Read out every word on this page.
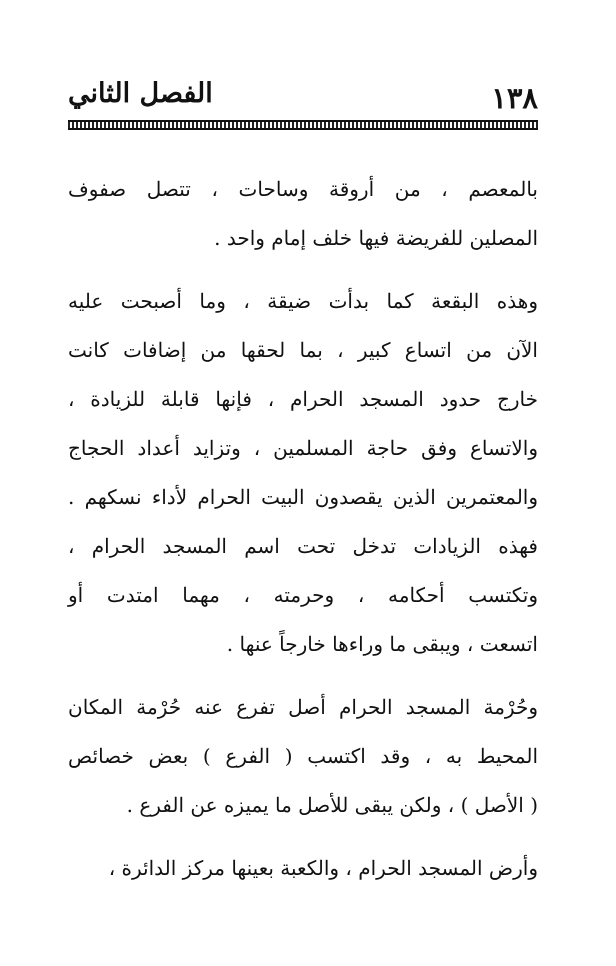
الفصل الثاني	١٣٨
بالمعصم ، من أروقة وساحات ، تتصل صفوف
المصلين للفريضة فيها خلف إمام واحد .
وهذه البقعة كما بدأت ضيقة ، وما أصبحت عليه
الآن من اتساع كبير ، بما لحقها من إضافات كانت
خارج حدود المسجد الحرام ، فإنها قابلة للزيادة ،
والاتساع وفق حاجة المسلمين ، وتزايد أعداد الحجاج
والمعتمرين الذين يقصدون البيت الحرام لأداء نسكهم .
فهذه الزيادات تدخل تحت اسم المسجد الحرام ،
وتكتسب أحكامه ، وحرمته ، مهما امتدت أو
اتسعت ، ويبقى ما وراءها خارجاً عنها .
وحُرْمة المسجد الحرام أصل تفرع عنه حُرْمة المكان
المحيط به ، وقد اكتسب ( الفرع ) بعض خصائص
( الأصل ) ، ولكن يبقى للأصل ما يميزه عن الفرع .
وأرض المسجد الحرام ، والكعبة بعينها مركز الدائرة ،
